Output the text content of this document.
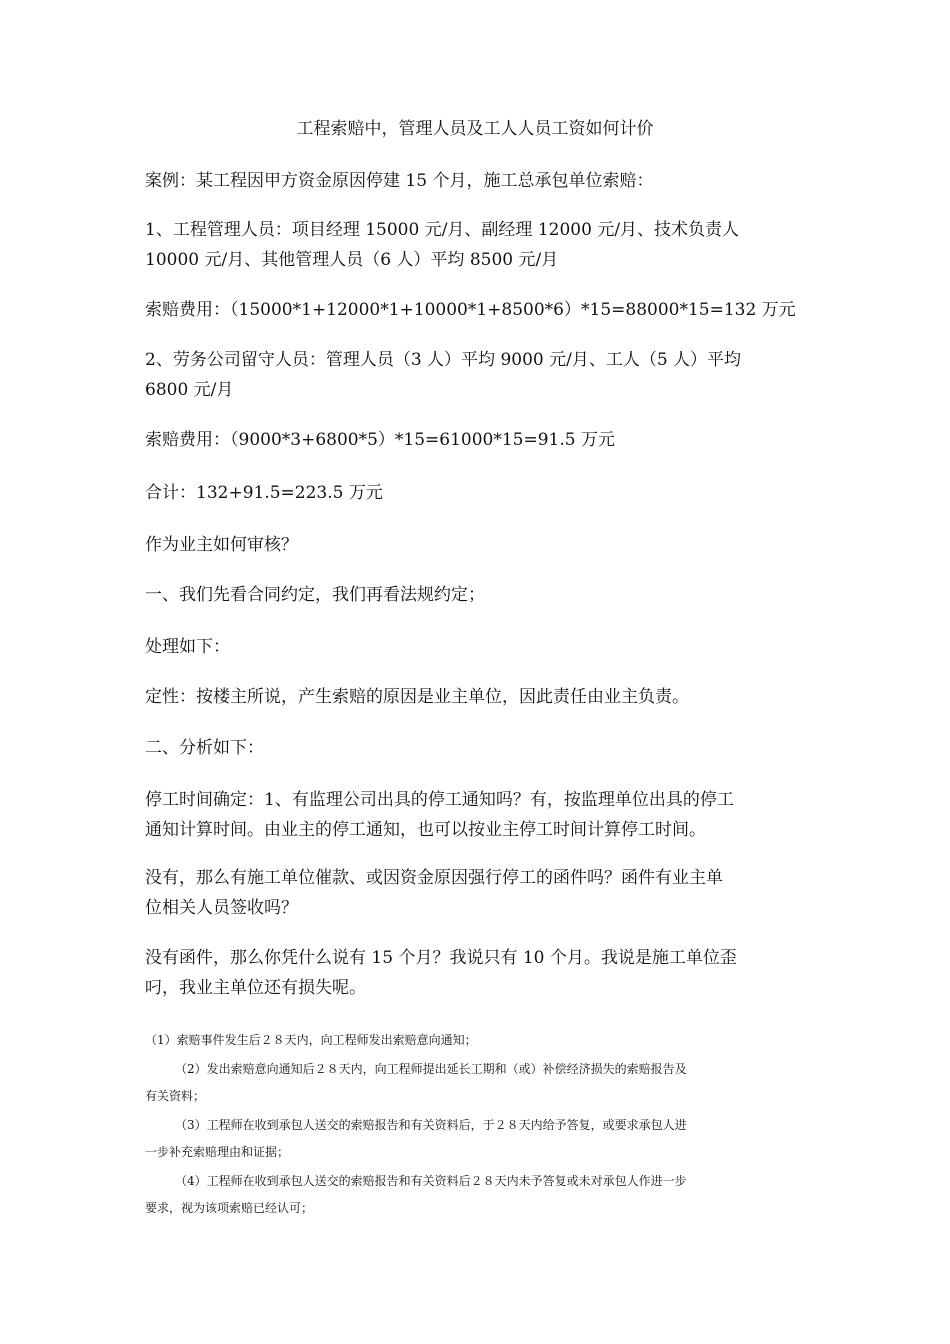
工程索赔中，管理人员及工人人员工资如何计价
案例：某工程因甲方资金原因停建 15 个月，施工总承包单位索赔：
1、工程管理人员：项目经理 15000 元/月、副经理 12000 元/月、技术负责人
10000 元/月、其他管理人员（6 人）平均 8500 元/月
索赔费用：（15000*1+12000*1+10000*1+8500*6）*15=88000*15=132 万元
2、劳务公司留守人员：管理人员（3 人）平均 9000 元/月、工人（5 人）平均
6800 元/月
索赔费用：（9000*3+6800*5）*15=61000*15=91.5 万元
合计：132+91.5=223.5 万元
作为业主如何审核？
一、我们先看合同约定，我们再看法规约定；
处理如下：
定性：按楼主所说，产生索赔的原因是业主单位，因此责任由业主负责。
二、分析如下：
停工时间确定：1、有监理公司出具的停工通知吗？有，按监理单位出具的停工
通知计算时间。由业主的停工通知，也可以按业主停工时间计算停工时间。
没有，那么有施工单位催款、或因资金原因强行停工的函件吗？函件有业主单
位相关人员签收吗？
没有函件，那么你凭什么说有 15 个月？我说只有 10 个月。我说是施工单位歪
叼，我业主单位还有损失呢。
（1）索赔事件发生后２８天内，向工程师发出索赔意向通知；
（2）发出索赔意向通知后２８天内，向工程师提出延长工期和（或）补偿经济损失的索赔报告及
有关资料；
（3）工程师在收到承包人送交的索赔报告和有关资料后，于２８天内给予答复，或要求承包人进
一步补充索赔理由和证据；
（4）工程师在收到承包人送交的索赔报告和有关资料后２８天内未予答复或未对承包人作进一步
要求，视为该项索赔已经认可；
